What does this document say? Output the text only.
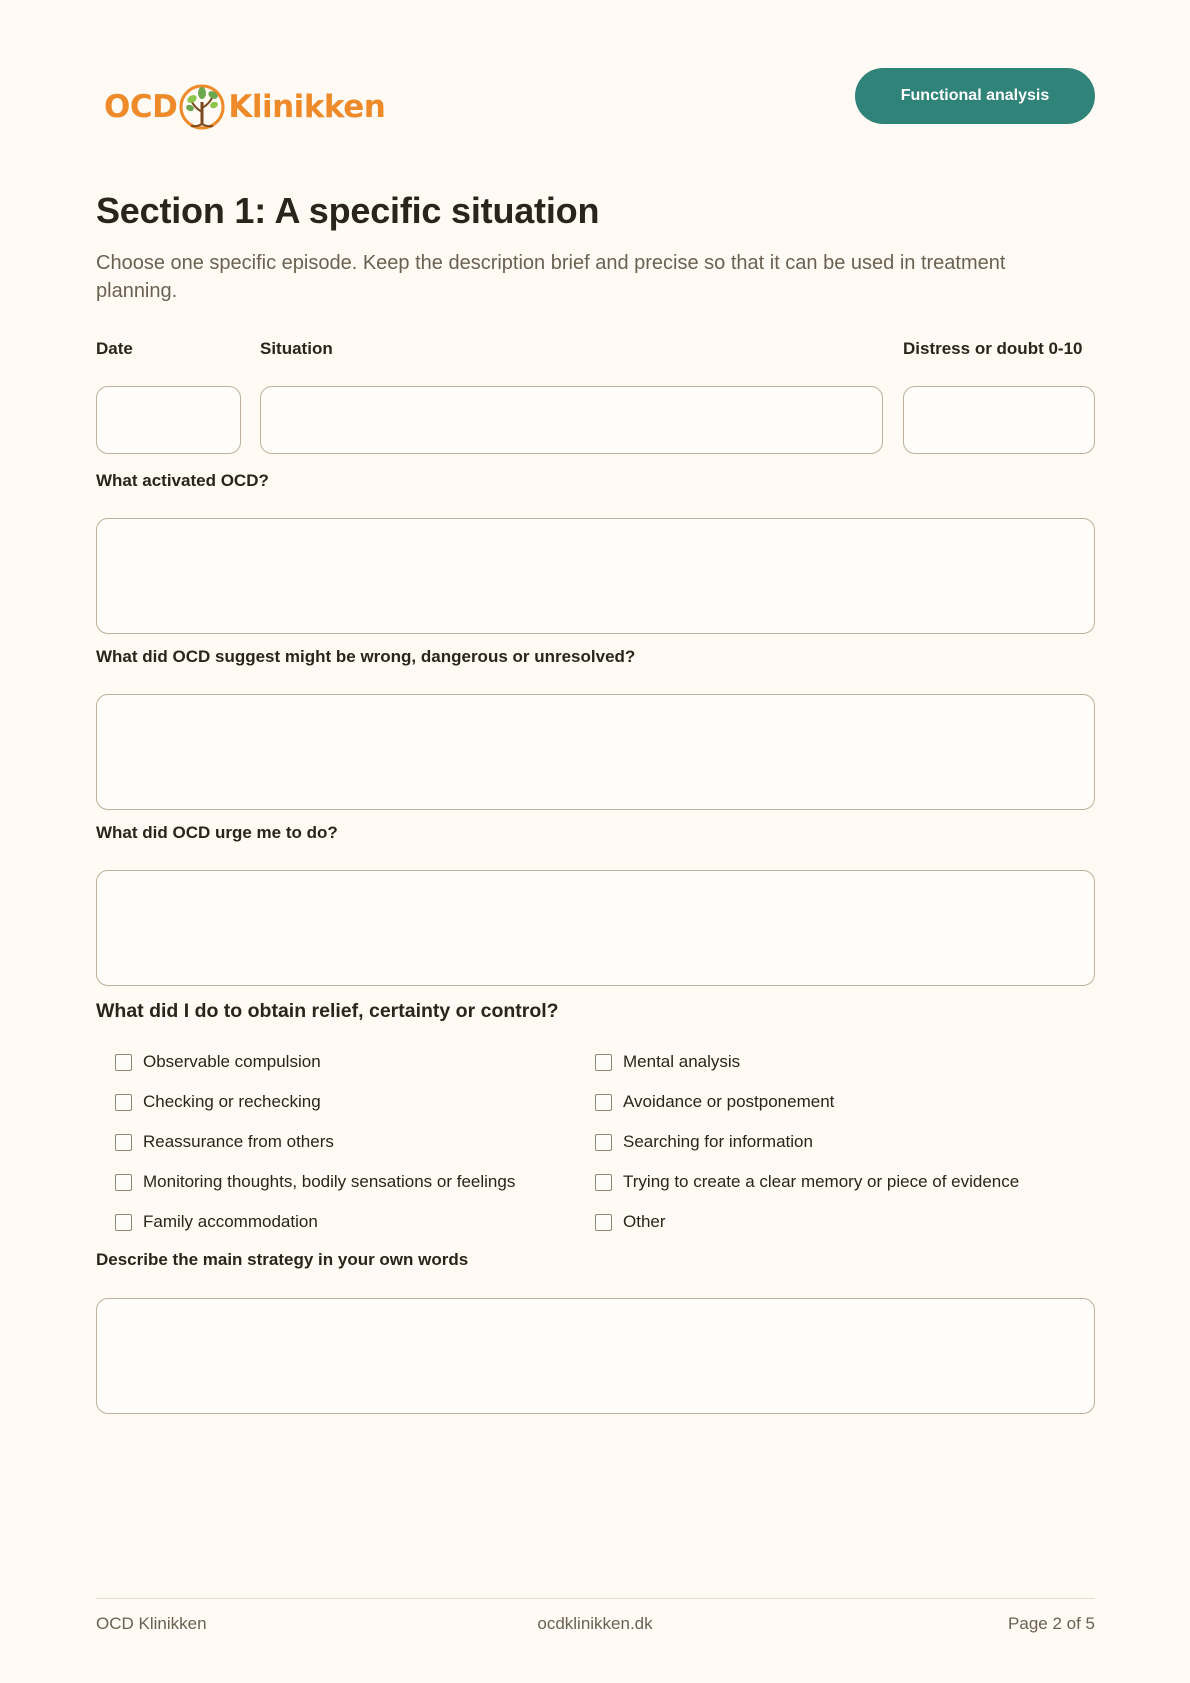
OCD Klinikken	Functional analysis
Section 1: A specific situation

Choose one specific episode. Keep the description brief and precise so that it can be used in treatment planning.

Date	Situation	Distress or doubt 0-10
What activated OCD?
What did OCD suggest might be wrong, dangerous or unresolved?
What did OCD urge me to do?
What did I do to obtain relief, certainty or control?
Observable compulsion
Checking or rechecking
Reassurance from others
Monitoring thoughts, bodily sensations or feelings
Family accommodation
Mental analysis
Avoidance or postponement
Searching for information
Trying to create a clear memory or piece of evidence
Other
Describe the main strategy in your own words
OCD Klinikken	ocdklinikken.dk	Page 2 of 5
